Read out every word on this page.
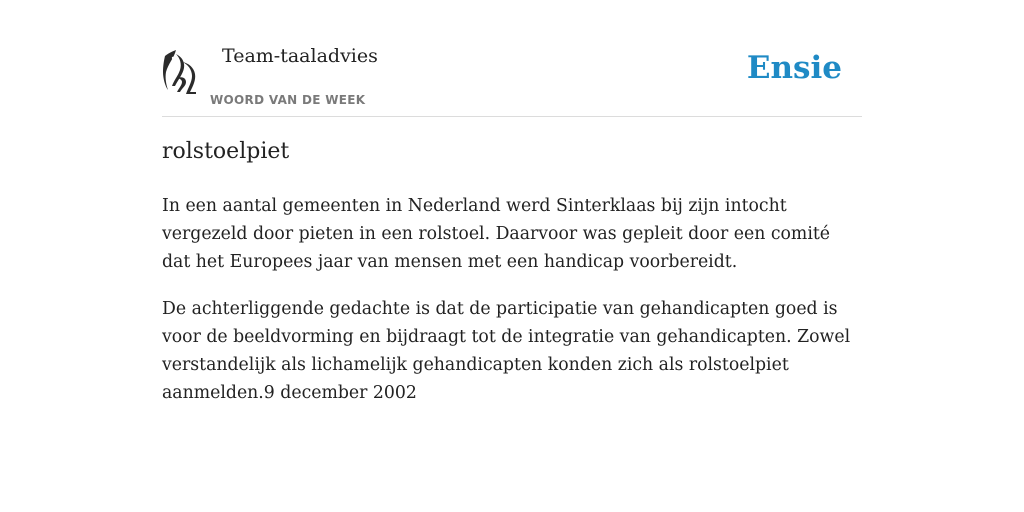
Team-taaladvies
WOORD VAN DE WEEK
Ensie
rolstoelpiet

In een aantal gemeenten in Nederland werd Sinterklaas bij zijn intocht vergezeld door pieten in een rolstoel. Daarvoor was gepleit door een comité dat het Europees jaar van mensen met een handicap voorbereidt.

De achterliggende gedachte is dat de participatie van gehandicapten goed is voor de beeldvorming en bijdraagt tot de integratie van gehandicapten. Zowel verstandelijk als lichamelijk gehandicapten konden zich als rolstoelpiet aanmelden.9 december 2002
